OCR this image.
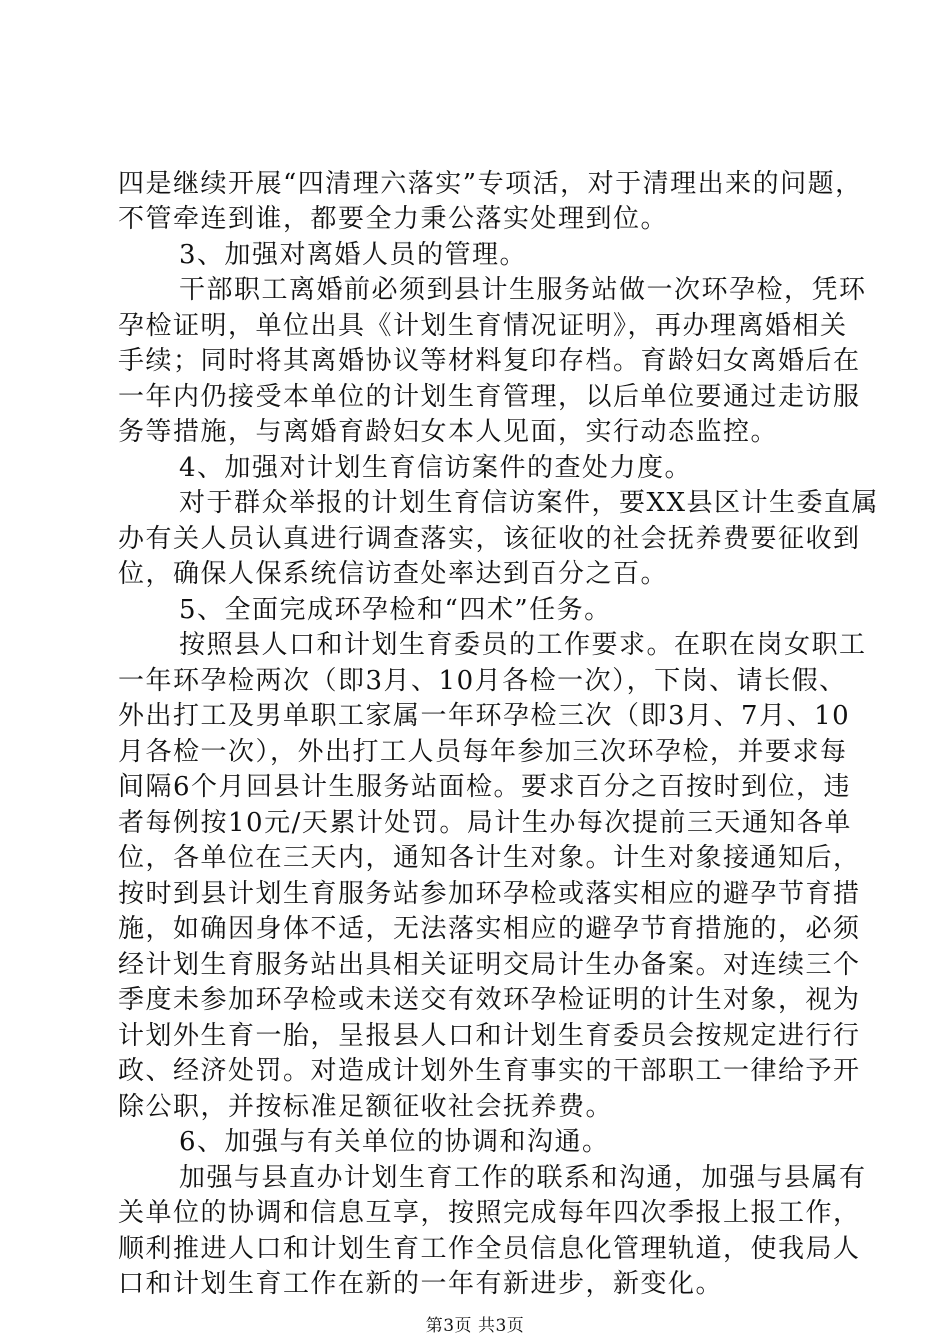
四是继续开展“四清理六落实”专项活，对于清理出来的问题，
不管牵连到谁，都要全力秉公落实处理到位。
3、加强对离婚人员的管理。
干部职工离婚前必须到县计生服务站做一次环孕检，凭环
孕检证明，单位出具《计划生育情况证明》，再办理离婚相关
手续；同时将其离婚协议等材料复印存档。育龄妇女离婚后在
一年内仍接受本单位的计划生育管理，以后单位要通过走访服
务等措施，与离婚育龄妇女本人见面，实行动态监控。
4、加强对计划生育信访案件的查处力度。
对于群众举报的计划生育信访案件，要XX县区计生委直属
办有关人员认真进行调查落实，该征收的社会抚养费要征收到
位，确保人保系统信访查处率达到百分之百。
5、全面完成环孕检和“四术”任务。
按照县人口和计划生育委员的工作要求。在职在岗女职工
一年环孕检两次（即3月、10月各检一次），下岗、请长假、
外出打工及男单职工家属一年环孕检三次（即3月、7月、10
月各检一次），外出打工人员每年参加三次环孕检，并要求每
间隔6个月回县计生服务站面检。要求百分之百按时到位，违
者每例按10元/天累计处罚。局计生办每次提前三天通知各单
位，各单位在三天内，通知各计生对象。计生对象接通知后，
按时到县计划生育服务站参加环孕检或落实相应的避孕节育措
施，如确因身体不适，无法落实相应的避孕节育措施的，必须
经计划生育服务站出具相关证明交局计生办备案。对连续三个
季度未参加环孕检或未送交有效环孕检证明的计生对象，视为
计划外生育一胎，呈报县人口和计划生育委员会按规定进行行
政、经济处罚。对造成计划外生育事实的干部职工一律给予开
除公职，并按标准足额征收社会抚养费。
6、加强与有关单位的协调和沟通。
加强与县直办计划生育工作的联系和沟通，加强与县属有
关单位的协调和信息互享，按照完成每年四次季报上报工作，
顺利推进人口和计划生育工作全员信息化管理轨道，使我局人
口和计划生育工作在新的一年有新进步，新变化。
第3页 共3页
